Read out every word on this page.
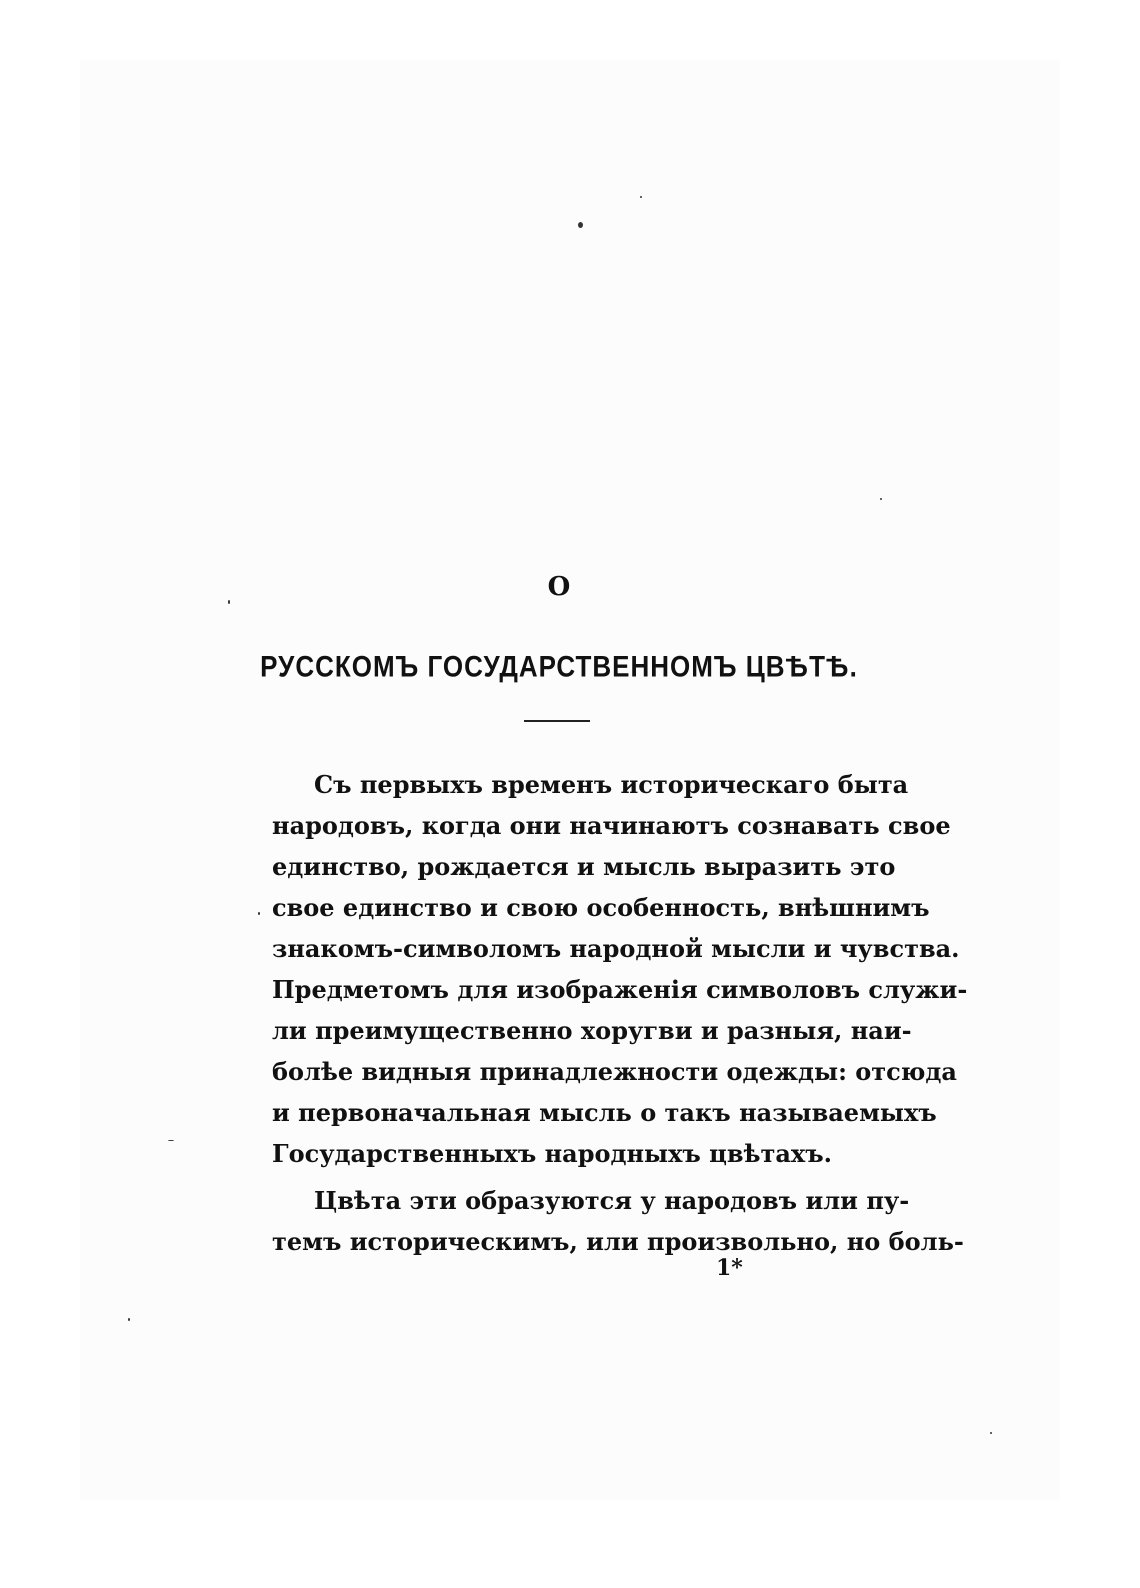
О

РУССКОМЪ ГОСУДАРСТВЕННОМЪ ЦВѢТѢ.
Съ первыхъ временъ историческаго быта
народовъ, когда они начинаютъ сознавать свое
единство, рождается и мысль выразить это
свое единство и свою особенность, внѣшнимъ
знакомъ-символомъ народной мысли и чувства.
Предметомъ для изображенія символовъ служи-
ли преимущественно хоругви и разныя, наи-
болѣе видныя принадлежности одежды: отсюда
и первоначальная мысль о такъ называемыхъ
Государственныхъ народныхъ цвѣтахъ.
Цвѣта эти образуются у народовъ или пу-
темъ историческимъ, или произвольно, но боль-

1*
